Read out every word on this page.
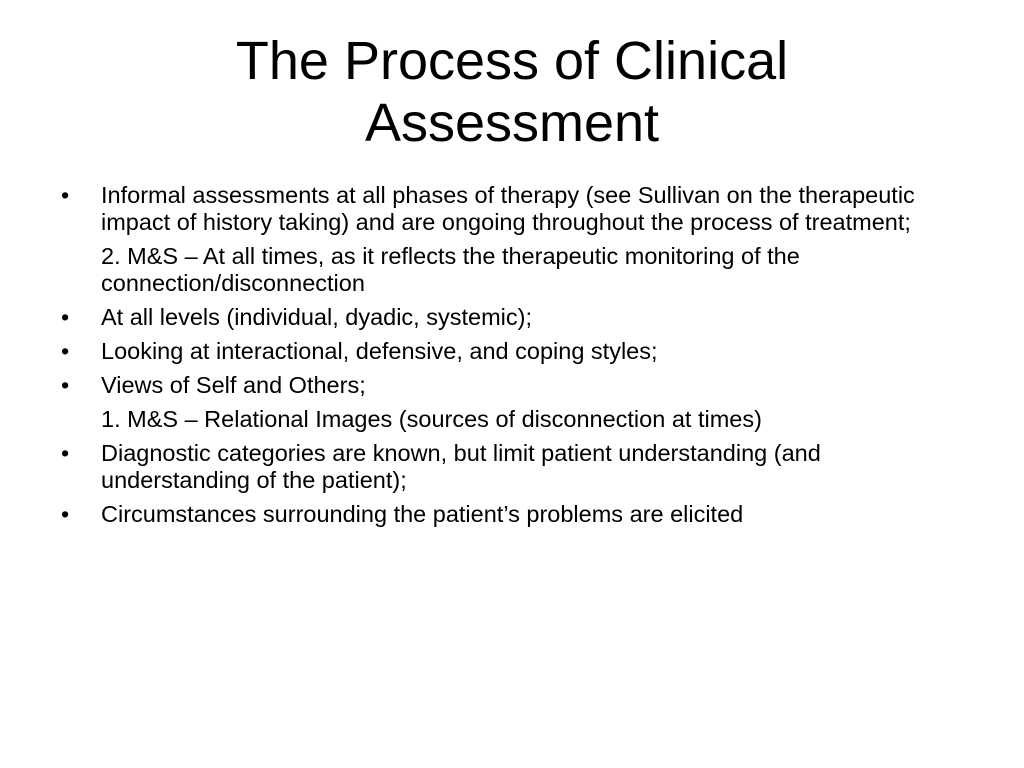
The Process of Clinical
Assessment
• Informal assessments at all phases of therapy (see Sullivan on the therapeutic impact of history taking) and are ongoing throughout the process of treatment;
2. M&S – At all times, as it reflects the therapeutic monitoring of the connection/disconnection
• At all levels (individual, dyadic, systemic);
• Looking at interactional, defensive, and coping styles;
• Views of Self and Others;
1. M&S – Relational Images (sources of disconnection at times)
• Diagnostic categories are known, but limit patient understanding (and understanding of the patient);
• Circumstances surrounding the patient’s problems are elicited
